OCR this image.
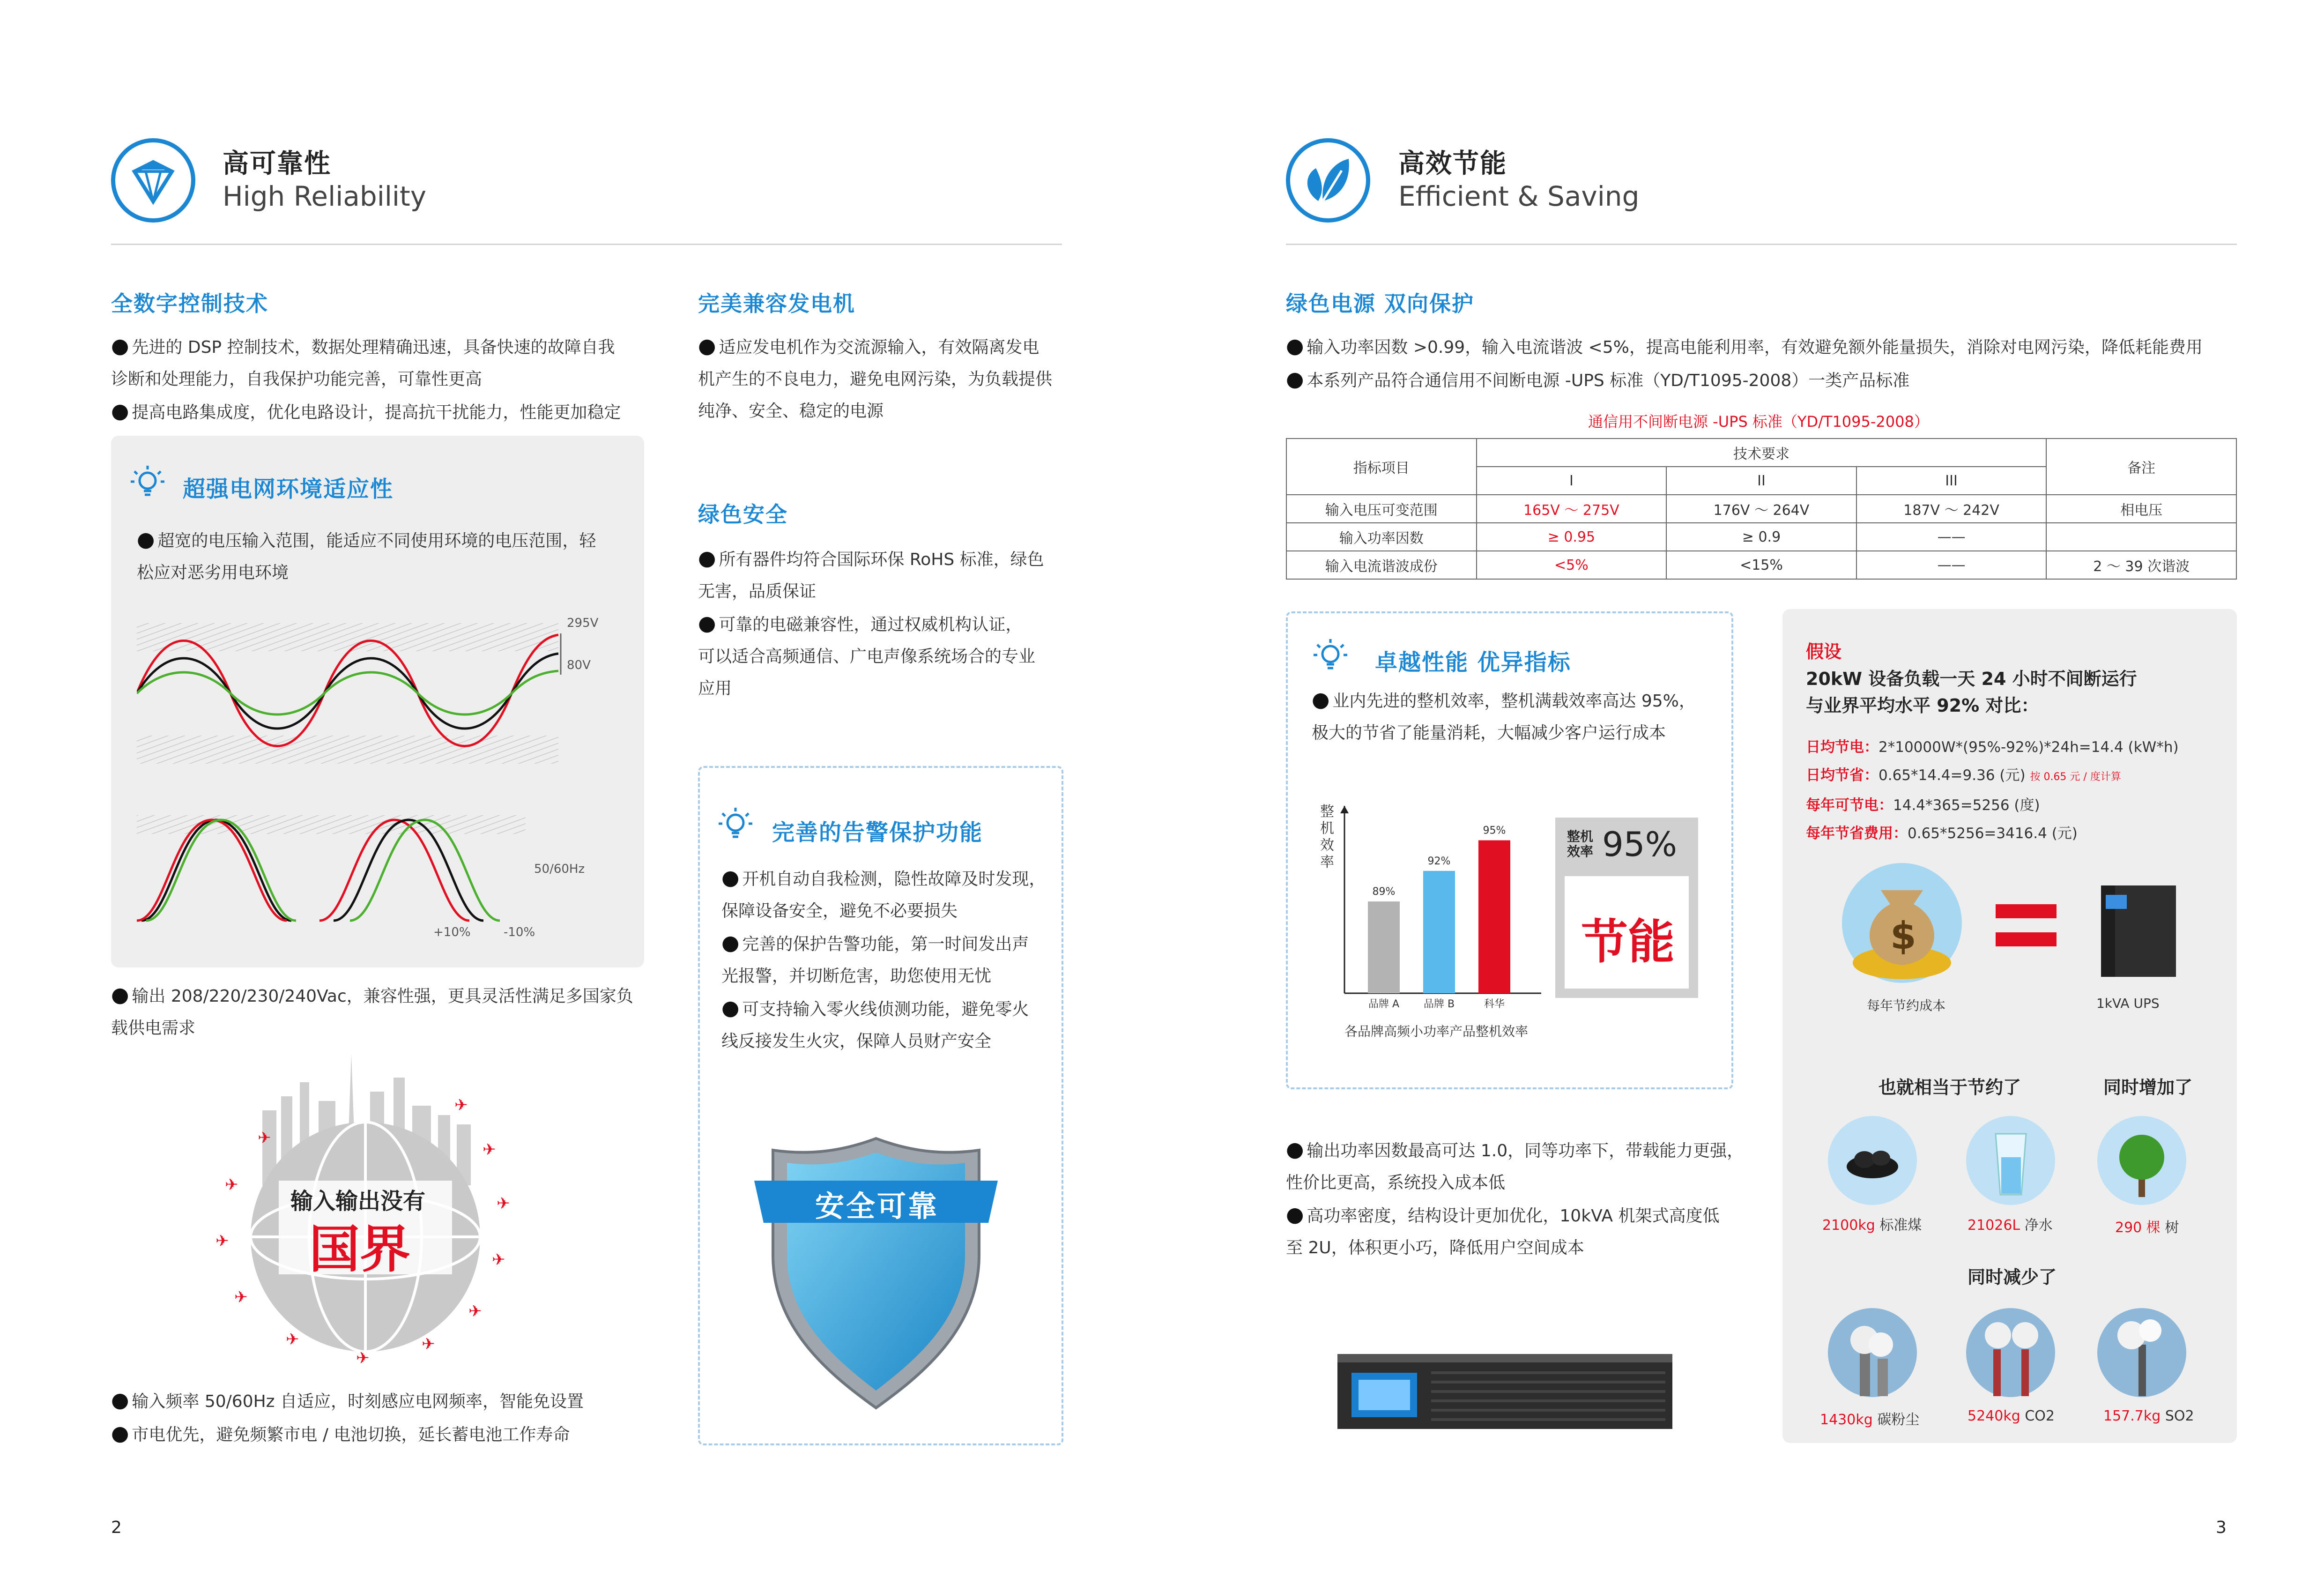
高可靠性
High Reliability
全数字控制技术
● 先进的 DSP 控制技术，数据处理精确迅速，具备快速的故障自我
诊断和处理能力，自我保护功能完善，可靠性更高
● 提高电路集成度，优化电路设计，提高抗干扰能力，性能更加稳定
超强电网环境适应性
● 超宽的电压输入范围，能适应不同使用环境的电压范围，轻
松应对恶劣用电环境
295V
80V
50/60Hz
+10%	-10%
● 输出 208/220/230/240Vac，兼容性强，更具灵活性满足多国家负
载供电需求
✈
✈
✈
✈
✈
✈
✈
✈
✈
✈
✈
✈
输入输出没有
国界
● 输入频率 50/60Hz 自适应，时刻感应电网频率，智能免设置
● 市电优先，避免频繁市电 / 电池切换，延长蓄电池工作寿命
完美兼容发电机
● 适应发电机作为交流源输入，有效隔离发电
机产生的不良电力，避免电网污染，为负载提供
纯净、安全、稳定的电源
绿色安全
● 所有器件均符合国际环保 RoHS 标准，绿色
无害，品质保证
● 可靠的电磁兼容性，通过权威机构认证，
可以适合高频通信、广电声像系统场合的专业
应用
完善的告警保护功能
● 开机自动自我检测，隐性故障及时发现，
保障设备安全，避免不必要损失
● 完善的保护告警功能，第一时间发出声
光报警，并切断危害，助您使用无忧
● 可支持输入零火线侦测功能，避免零火
线反接发生火灾，保障人员财产安全
安全可靠
2
高效节能
Efficient & Saving
绿色电源 双向保护
● 输入功率因数 >0.99，输入电流谐波 <5%，提高电能利用率，有效避免额外能量损失，消除对电网污染，降低耗能费用
● 本系列产品符合通信用不间断电源 -UPS 标准（YD/T1095-2008）一类产品标准
通信用不间断电源 -UPS 标准（YD/T1095-2008）
指标项目	技术要求			备注
	I	II	III	
输入电压可变范围	165V ～ 275V	176V ～ 264V	187V ～ 242V	相电压
输入功率因数	≥ 0.95	≥ 0.9	——	
输入电流谐波成份	<5%	<15%	——	2 ～ 39 次谐波
卓越性能 优异指标
● 业内先进的整机效率，整机满载效率高达 95%，
极大的节省了能量消耗，大幅减少客户运行成本
整机效率
89%
品牌 A
92%
品牌 B
95%
科华
各品牌高频小功率产品整机效率
整机效率 95%
节能
● 输出功率因数最高可达 1.0，同等功率下，带载能力更强，
性价比更高，系统投入成本低
● 高功率密度，结构设计更加优化，10kVA 机架式高度低
至 2U，体积更小巧，降低用户空间成本
假设
20kW 设备负载一天 24 小时不间断运行
与业界平均水平 92% 对比：
日均节电：2*10000W*(95%-92%)*24h=14.4 (kW*h)
日均节省：0.65*14.4=9.36 (元) 按 0.65 元 / 度计算
每年可节电：14.4*365=5256 (度)
每年节省费用：0.65*5256=3416.4 (元)
$
每年节约成本	1kVA UPS
也就相当于节约了	同时增加了
2100kg 标准煤	21026L 净水	290 棵 树
同时减少了
1430kg 碳粉尘	5240kg CO2	157.7kg SO2
3
